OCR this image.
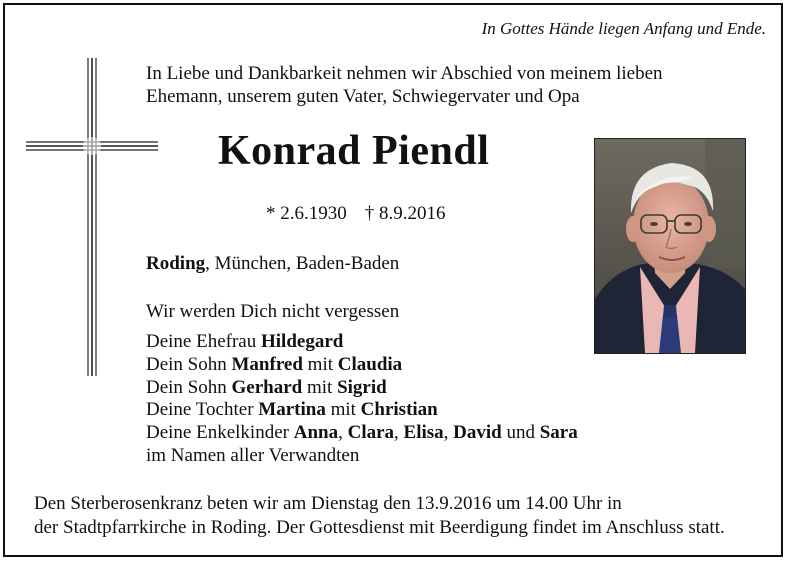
In Gottes Hände liegen Anfang und Ende.
In Liebe und Dankbarkeit nehmen wir Abschied von meinem lieben
Ehemann, unserem guten Vater, Schwiegervater und Opa
Konrad Piendl
* 2.6.1930 † 8.9.2016
Roding, München, Baden-Baden
Wir werden Dich nicht vergessen
Deine Ehefrau Hildegard
Dein Sohn Manfred mit Claudia
Dein Sohn Gerhard mit Sigrid
Deine Tochter Martina mit Christian
Deine Enkelkinder Anna, Clara, Elisa, David und Sara
im Namen aller Verwandten
Den Sterberosenkranz beten wir am Dienstag den 13.9.2016 um 14.00 Uhr in
der Stadtpfarrkirche in Roding. Der Gottesdienst mit Beerdigung findet im Anschluss statt.
